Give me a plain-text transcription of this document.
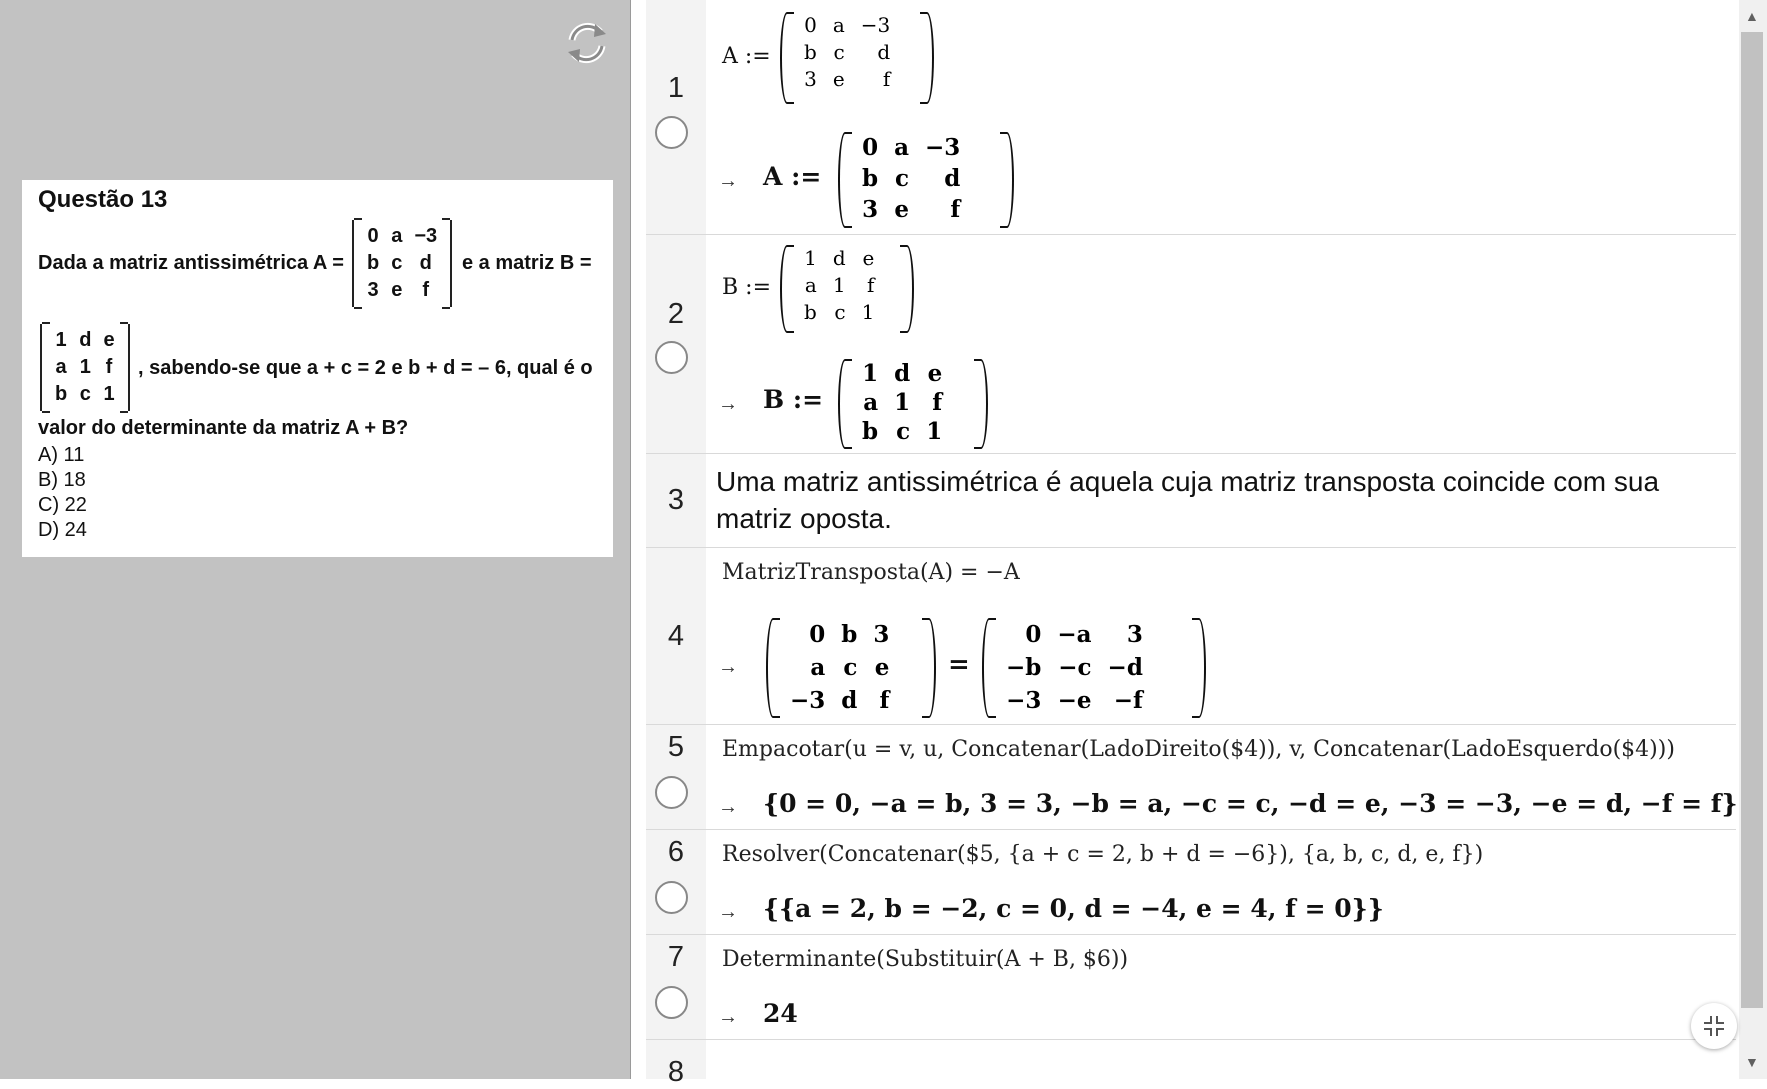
Questão 13
Dada a matriz antissimétrica A =
0	a	−3
b	c	d
3	e	f
e a matriz B =
1	d	e
a	1	f
b	c	1
, sabendo-se que a + c = 2 e b + d = – 6, qual é o
valor do determinante da matriz A + B?
A) 11
B) 18
C) 22
D) 24
1
A :=
0	a	−3
b	c	d
3	e	f
→ A :=
0	a	−3
b	c	d
3	e	f
2
B :=
1	d	e
a	1	f
b	c	1
→ B :=
1	d	e
a	1	f
b	c	1
3
Uma matriz antissimétrica é aquela cuja matriz transposta coincide com sua matriz oposta.
4
MatrizTransposta(A) = −A
→
0	b	3
a	c	e
−3	d	f
=
0	−a	3
−b	−c	−d
−3	−e	−f
5	Empacotar(u = v, u, Concatenar(LadoDireito($4)), v, Concatenar(LadoEsquerdo($4)))
→ {0 = 0, −a = b, 3 = 3, −b = a, −c = c, −d = e, −3 = −3, −e = d, −f = f}
6	Resolver(Concatenar($5, {a + c = 2, b + d = −6}), {a, b, c, d, e, f})
→ {{a = 2, b = −2, c = 0, d = −4, e = 4, f = 0}}
7	Determinante(Substituir(A + B, $6))
→ 24
8
▲
▼
